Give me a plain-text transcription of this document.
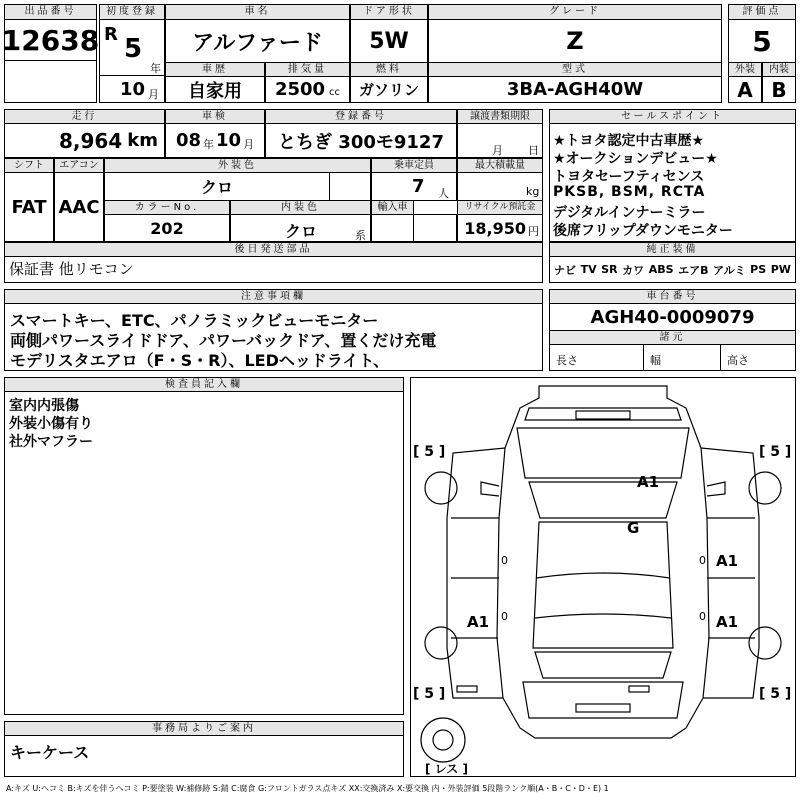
出品番号
12638
初度登録
R 5
年
10 月
車名
アルファード
ドア形状
5W
グレード
Z
評価点
5
車歴
自家用
排気量
2500 cc
燃料
ガソリン
型式
3BA-AGH40W
外装	内装
A B
走行
8,964 km
車検
08 年 10 月
登録番号
とちぎ 300モ9127
譲渡書類期限
月 日
シフト	エアコン
FAT AAC
外装色
クロ
乗車定員
7 人
最大積載量
kg
カラーNo.
202
内装色
クロ	系
輸入車	リサイクル預託金
18,950 円
後日発送部品
保証書 他リモコン
セールスポイント
★トヨタ認定中古車歴★
★オークションデビュー★
トヨタセーフティセンス
PKSB, BSM, RCTA
デジタルインナーミラー
後席フリップダウンモニター
純正装備
ナビ TV SR カワ ABS エアB アルミ PS PW
注意事項欄
スマートキー、ETC、パノラミックビューモニター
両側パワースライドドア、パワーバックドア、置くだけ充電
モデリスタエアロ（F・S・R）、LEDヘッドライト、
車台番号
AGH40-0009079
諸元
長さ	幅	高さ
検査員記入欄
室内内張傷
外装小傷有り
社外マフラー
事務局よりご案内
キーケース
[ 5 ]	[ 5 ]
[ 5 ]	[ 5 ]
[ レス ]
A1
G
A1
A1	A1
0	0
0	0
A:キズ U:ヘコミ B:キズを伴うヘコミ P:要塗装 W:補修跡 S:錆 C:腐食 G:フロントガラス点キズ XX:交換済み X:要交換 内・外装評価 5段階ランク順(A・B・C・D・E) 1
